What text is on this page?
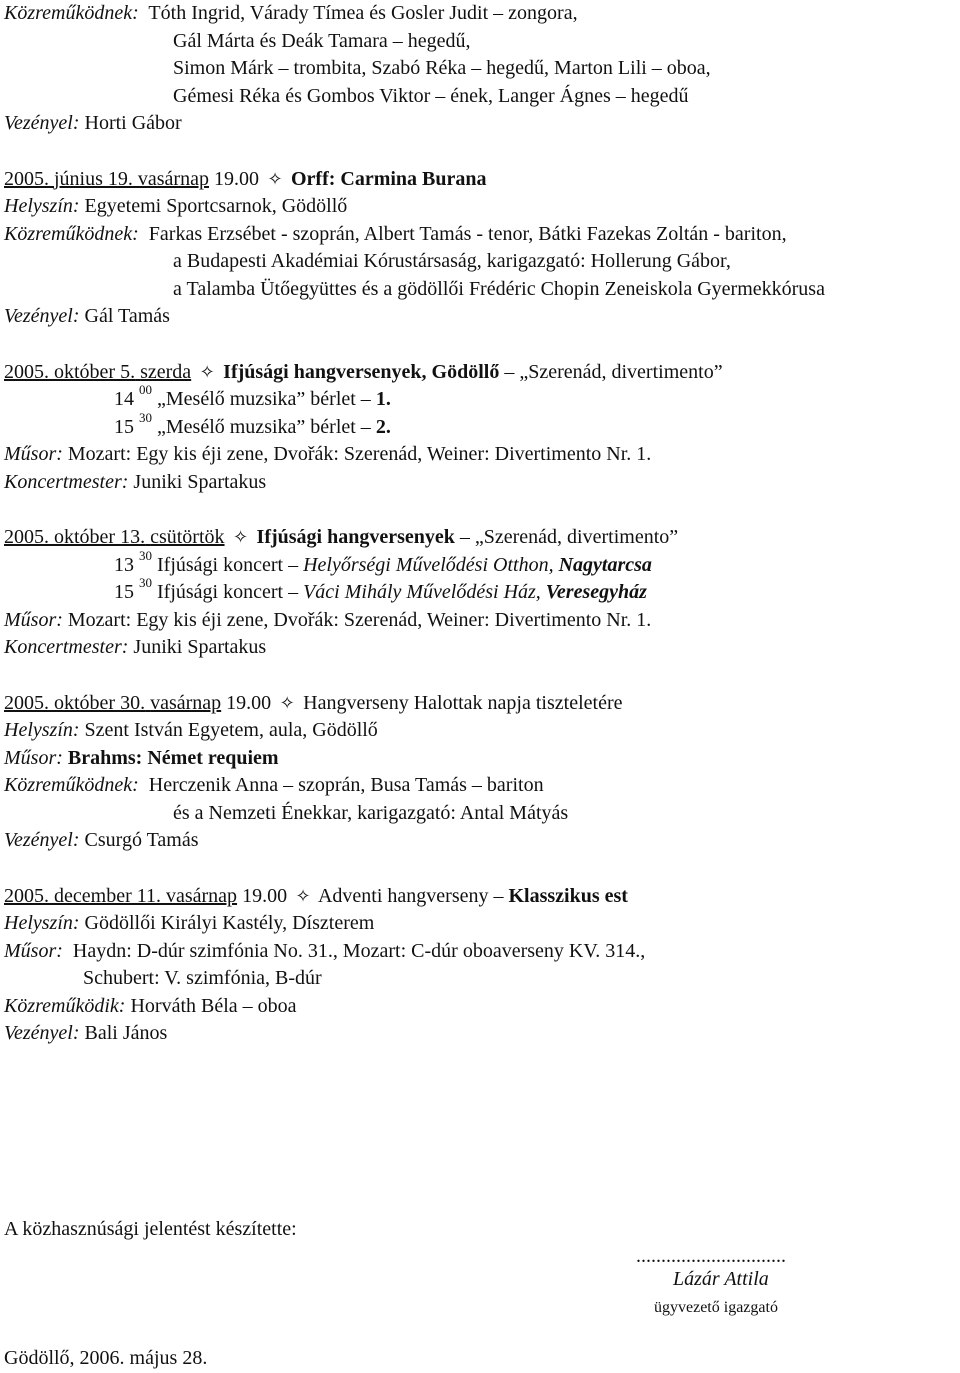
Közreműködnek: Tóth Ingrid, Várady Tímea és Gosler Judit – zongora,
Gál Márta és Deák Tamara – hegedű,
Simon Márk – trombita, Szabó Réka – hegedű, Marton Lili – oboa,
Gémesi Réka és Gombos Viktor – ének, Langer Ágnes – hegedű
Vezényel: Horti Gábor
2005. június 19. vasárnap 19.00 ✧ Orff: Carmina Burana
Helyszín: Egyetemi Sportcsarnok, Gödöllő
Közreműködnek: Farkas Erzsébet - szoprán, Albert Tamás - tenor, Bátki Fazekas Zoltán - bariton,
a Budapesti Akadémiai Kórustársaság, karigazgató: Hollerung Gábor,
a Talamba Ütőegyüttes és a gödöllői Frédéric Chopin Zeneiskola Gyermekkórusa
Vezényel: Gál Tamás
2005. október 5. szerda ✧ Ifjúsági hangversenyek, Gödöllő – „Szerenád, divertimento”
14 $^{00}$ „Mesélő muzsika” bérlet – 1.
15 $^{30}$ „Mesélő muzsika” bérlet – 2.
Műsor: Mozart: Egy kis éji zene, Dvořák: Szerenád, Weiner: Divertimento Nr. 1.
Koncertmester: Juniki Spartakus
2005. október 13. csütörtök ✧ Ifjúsági hangversenyek – „Szerenád, divertimento”
13 $^{30}$ Ifjúsági koncert – Helyőrségi Művelődési Otthon, Nagytarcsa
15 $^{30}$ Ifjúsági koncert – Váci Mihály Művelődési Ház, Veresegyház
Műsor: Mozart: Egy kis éji zene, Dvořák: Szerenád, Weiner: Divertimento Nr. 1.
Koncertmester: Juniki Spartakus
2005. október 30. vasárnap 19.00 ✧ Hangverseny Halottak napja tiszteletére
Helyszín: Szent István Egyetem, aula, Gödöllő
Műsor: Brahms: Német requiem
Közreműködnek: Herczenik Anna – szoprán, Busa Tamás – bariton
és a Nemzeti Énekkar, karigazgató: Antal Mátyás
Vezényel: Csurgó Tamás
2005. december 11. vasárnap 19.00 ✧ Adventi hangverseny – Klasszikus est
Helyszín: Gödöllői Királyi Kastély, Díszterem
Műsor: Haydn: D-dúr szimfónia No. 31., Mozart: C-dúr oboaverseny KV. 314.,
Schubert: V. szimfónia, B-dúr
Közreműködik: Horváth Béla – oboa
Vezényel: Bali János
A közhasznúsági jelentést készítette:
..............................
Lázár Attila
ügyvezető igazgató
Gödöllő, 2006. május 28.
